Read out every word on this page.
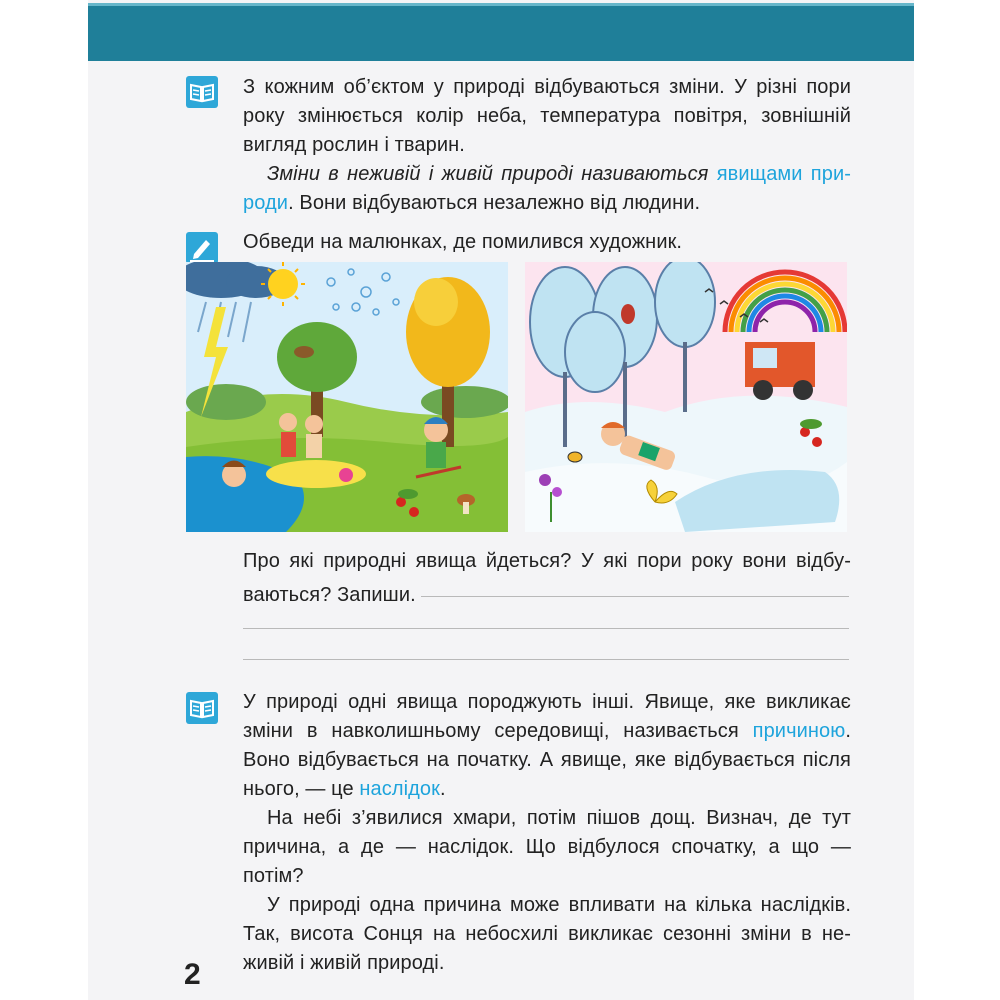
З кожним об’єктом у природі відбуваються зміни. У різні пори

року змінюється колір неба, температура повітря, зовнішній

вигляд рослин і тварин.

Зміни в неживій і живій природі називаються явищами при-

роди. Вони відбуваються незалежно від людини.

Обведи на малюнках, де помилився художник.

Про які природні явища йдеться? У які пори року вони відбу-

ваються? Запиши.

У природі одні явища породжують інші. Явище, яке викликає

зміни в навколишньому середовищі, називається причиною.

Воно відбувається на початку. А явище, яке відбувається після

нього, — це наслідок.

На небі з’явилися хмари, потім пішов дощ. Визнач, де тут

причина, а де — наслідок. Що відбулося спочатку, а що —

потім?

У природі одна причина може впливати на кілька наслідків.

Так, висота Сонця на небосхилі викликає сезонні зміни в не-

живій і живій природі.

2
